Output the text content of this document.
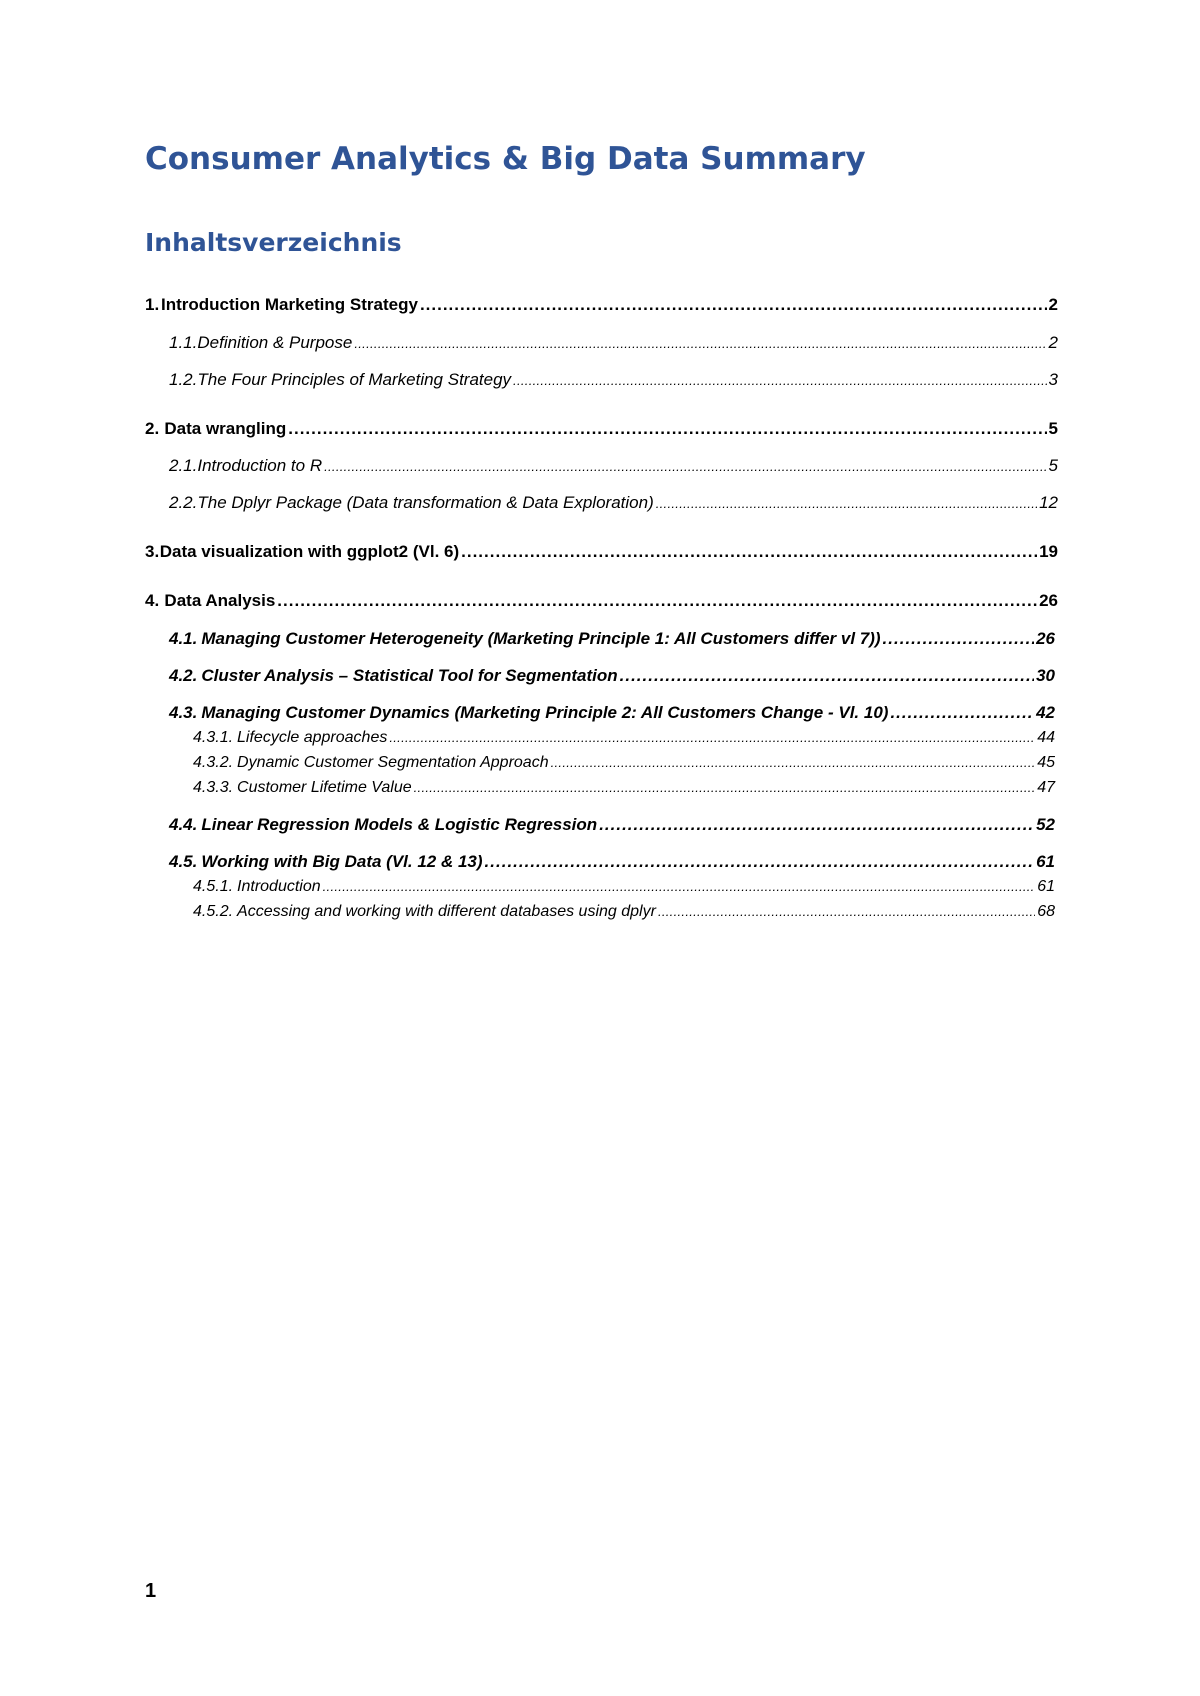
Consumer Analytics & Big Data Summary
Inhaltsverzeichnis
1. Introduction Marketing Strategy .....	2
1.1. Definition & Purpose .....	2
1.2. The Four Principles of Marketing Strategy .....	3
2. Data wrangling .....	5
2.1. Introduction to R .....	5
2.2. The Dplyr Package (Data transformation & Data Exploration) .....	12
3. Data visualization with ggplot2 (Vl. 6) .....	19
4. Data Analysis .....	26
4.1. Managing Customer Heterogeneity (Marketing Principle 1: All Customers differ vl 7)) .....	26
4.2. Cluster Analysis – Statistical Tool for Segmentation .....	30
4.3. Managing Customer Dynamics (Marketing Principle 2: All Customers Change - Vl. 10) .....	42
4.3.1. Lifecycle approaches .....	44
4.3.2. Dynamic Customer Segmentation Approach .....	45
4.3.3. Customer Lifetime Value .....	47
4.4. Linear Regression Models & Logistic Regression .....	52
4.5. Working with Big Data (Vl. 12 & 13) .....	61
4.5.1. Introduction .....	61
4.5.2. Accessing and working with different databases using dplyr .....	68
1
